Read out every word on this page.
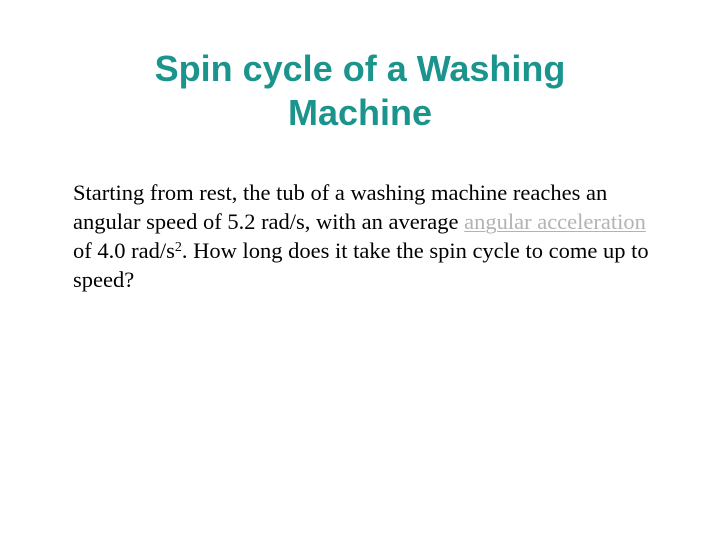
Spin cycle of a Washing Machine

Starting from rest, the tub of a washing machine reaches an angular speed of 5.2 rad/s, with an average angular acceleration of 4.0 rad/$s^2$. How long does it take the spin cycle to come up to speed?
